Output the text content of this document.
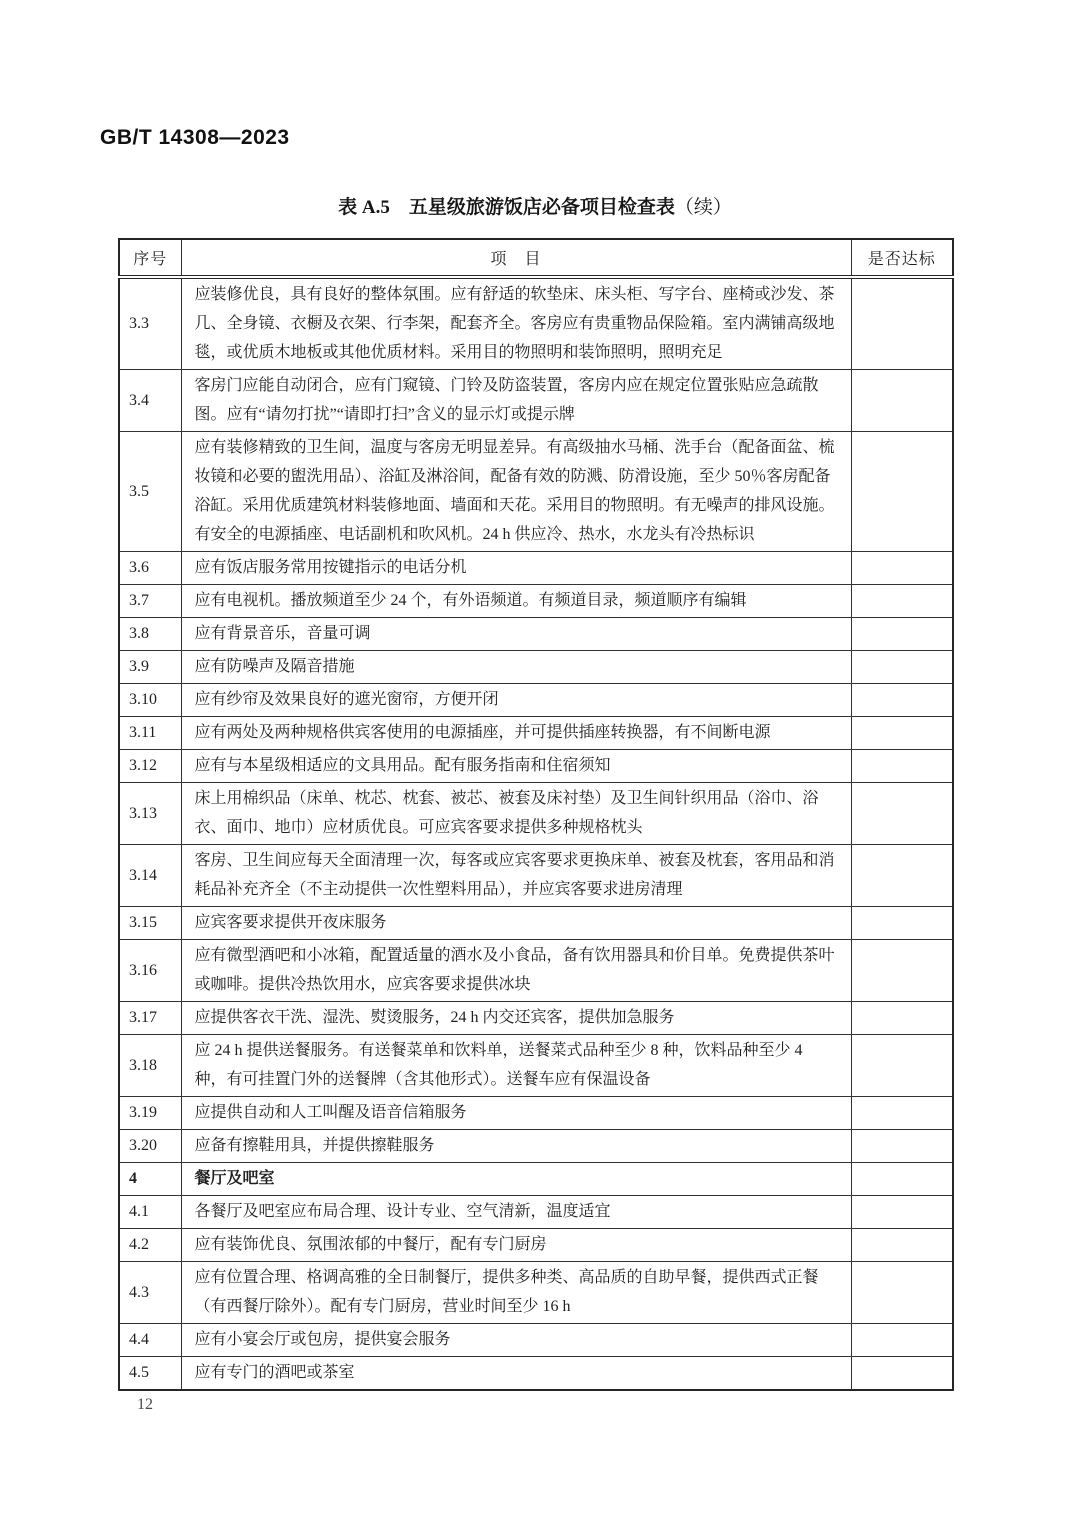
GB/T 14308—2023
表 A.5　五星级旅游饭店必备项目检查表（续）
序号	项　目	是否达标
3.3	应装修优良，具有良好的整体氛围。应有舒适的软垫床、床头柜、写字台、座椅或沙发、茶几、全身镜、衣橱及衣架、行李架，配套齐全。客房应有贵重物品保险箱。室内满铺高级地毯，或优质木地板或其他优质材料。采用目的物照明和装饰照明，照明充足	
3.4	客房门应能自动闭合，应有门窥镜、门铃及防盗装置，客房内应在规定位置张贴应急疏散图。应有“请勿打扰”“请即打扫”含义的显示灯或提示牌	
3.5	应有装修精致的卫生间，温度与客房无明显差异。有高级抽水马桶、洗手台（配备面盆、梳妆镜和必要的盥洗用品）、浴缸及淋浴间，配备有效的防溅、防滑设施，至少 50％客房配备浴缸。采用优质建筑材料装修地面、墙面和天花。采用目的物照明。有无噪声的排风设施。有安全的电源插座、电话副机和吹风机。24 h 供应冷、热水，水龙头有冷热标识	
3.6	应有饭店服务常用按键指示的电话分机	
3.7	应有电视机。播放频道至少 24 个，有外语频道。有频道目录，频道顺序有编辑	
3.8	应有背景音乐，音量可调	
3.9	应有防噪声及隔音措施	
3.10	应有纱帘及效果良好的遮光窗帘，方便开闭	
3.11	应有两处及两种规格供宾客使用的电源插座，并可提供插座转换器，有不间断电源	
3.12	应有与本星级相适应的文具用品。配有服务指南和住宿须知	
3.13	床上用棉织品（床单、枕芯、枕套、被芯、被套及床衬垫）及卫生间针织用品（浴巾、浴衣、面巾、地巾）应材质优良。可应宾客要求提供多种规格枕头	
3.14	客房、卫生间应每天全面清理一次，每客或应宾客要求更换床单、被套及枕套，客用品和消耗品补充齐全（不主动提供一次性塑料用品），并应宾客要求进房清理	
3.15	应宾客要求提供开夜床服务	
3.16	应有微型酒吧和小冰箱，配置适量的酒水及小食品，备有饮用器具和价目单。免费提供茶叶或咖啡。提供冷热饮用水，应宾客要求提供冰块	
3.17	应提供客衣干洗、湿洗、熨烫服务，24 h 内交还宾客，提供加急服务	
3.18	应 24 h 提供送餐服务。有送餐菜单和饮料单，送餐菜式品种至少 8 种，饮料品种至少 4 种，有可挂置门外的送餐牌（含其他形式）。送餐车应有保温设备	
3.19	应提供自动和人工叫醒及语音信箱服务	
3.20	应备有擦鞋用具，并提供擦鞋服务	
4	餐厅及吧室	
4.1	各餐厅及吧室应布局合理、设计专业、空气清新，温度适宜	
4.2	应有装饰优良、氛围浓郁的中餐厅，配有专门厨房	
4.3	应有位置合理、格调高雅的全日制餐厅，提供多种类、高品质的自助早餐，提供西式正餐（有西餐厅除外）。配有专门厨房，营业时间至少 16 h	
4.4	应有小宴会厅或包房，提供宴会服务	
4.5	应有专门的酒吧或茶室	
12
